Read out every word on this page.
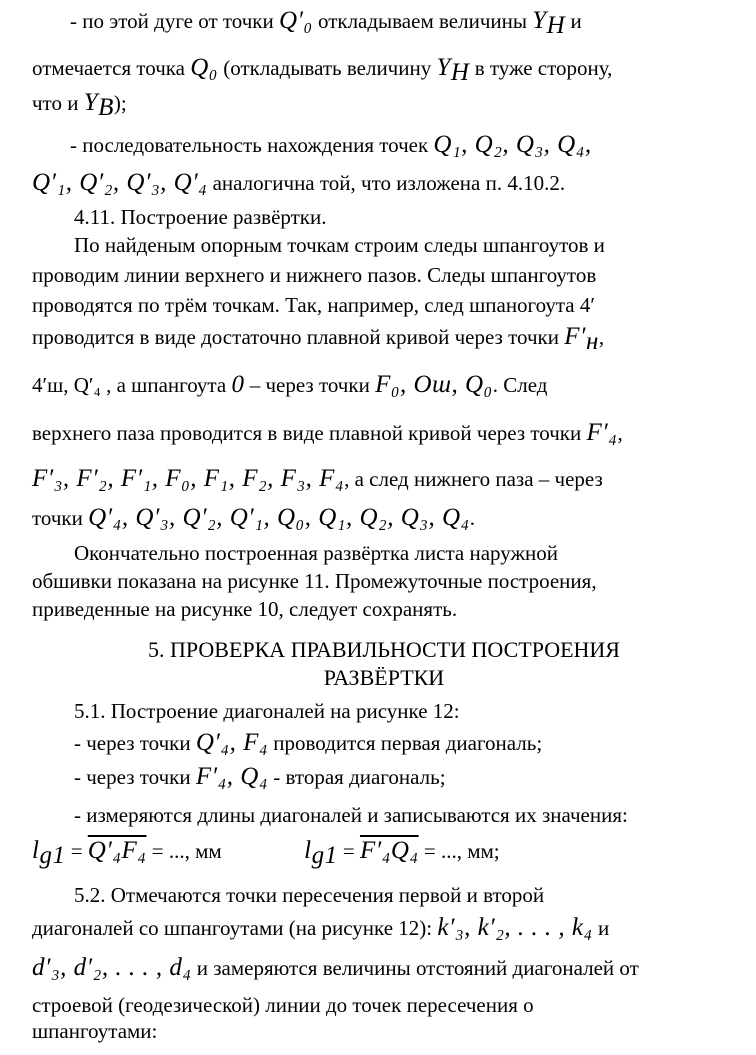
- по этой дуге от точки Q′₀ откладываем величины $Y_H$ и
отмечается точка Q₀ (откладывать величину $Y_H$ в туже сторону,
что и $Y_B$);
- последовательность нахождения точек Q₁, Q₂, Q₃, Q₄,
Q′₁, Q′₂, Q′₃, Q′₄ аналогична той, что изложена п. 4.10.2.
4.11. Построение развёртки.
По найденым опорным точкам строим следы шпангоутов и
проводим линии верхнего и нижнего пазов. Следы шпангоутов
проводятся по трём точкам. Так, например, след шпаногоута 4′
проводится в виде достаточно плавной кривой через точки $F'_н$,
4′ш, Q′₄ , а шпангоута 0 – через точки F₀, Ош, Q₀. След
верхнего паза проводится в виде плавной кривой через точки F′₄,
F′₃, F′₂, F′₁, F₀, F₁, F₂, F₃, F₄, а след нижнего паза – через
точки Q′₄, Q′₃, Q′₂, Q′₁, Q₀, Q₁, Q₂, Q₃, Q₄.
Окончательно построенная развёртка листа наружной
обшивки показана на рисунке 11. Промежуточные построения,
приведенные на рисунке 10, следует сохранять.
5. ПРОВЕРКА ПРАВИЛЬНОСТИ ПОСТРОЕНИЯ
РАЗВЁРТКИ
5.1. Построение диагоналей на рисунке 12:
- через точки Q′₄, F₄ проводится первая диагональ;
- через точки F′₄, Q₄ - вторая диагональ;
- измеряются длины диагоналей и записываются их значения:
$l_{g1} = Q'_4F_4$ = ..., мм	$l_{g1} = F'_4Q_4$ = ..., мм;
5.2. Отмечаются точки пересечения первой и второй
диагоналей со шпангоутами (на рисунке 12): k′₃, k′₂, . . . , k₄ и
d′₃, d′₂, . . . , d₄ и замеряются величины отстояний диагоналей от
строевой (геодезической) линии до точек пересечения о
шпангоутами:
